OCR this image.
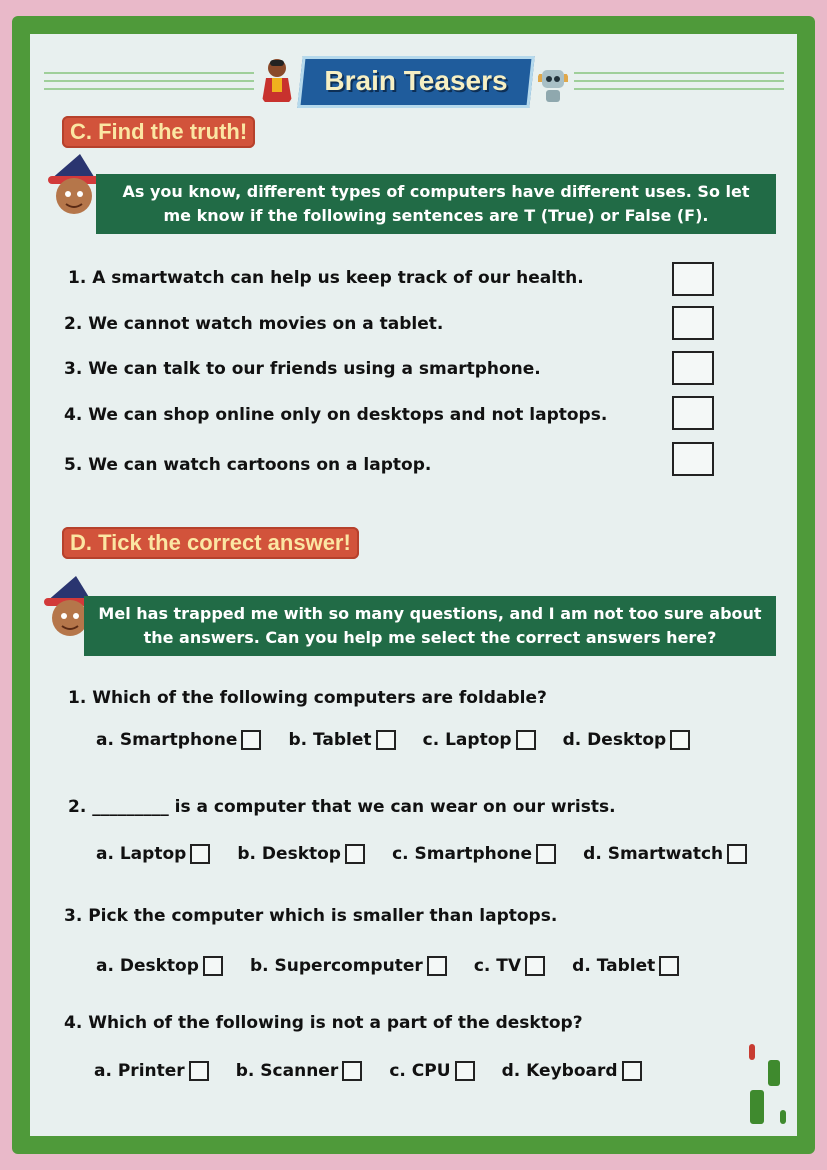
Brain Teasers
C. Find the truth!
As you know, different types of computers have different uses. So let me know if the following sentences are T (True) or False (F).
1. A smartwatch can help us keep track of our health.
2. We cannot watch movies on a tablet.
3. We can talk to our friends using a smartphone.
4. We can shop online only on desktops and not laptops.
5. We can watch cartoons on a laptop.
D. Tick the correct answer!
Mel has trapped me with so many questions, and I am not too sure about the answers. Can you help me select the correct answers here?
1. Which of the following computers are foldable?
a. Smartphone
	b. Tablet
	c. Laptop
	d. Desktop
2. _________ is a computer that we can wear on our wrists.
a. Laptop
	b. Desktop
	c. Smartphone
	d. Smartwatch
3. Pick the computer which is smaller than laptops.
a. Desktop
	b. Supercomputer
	c. TV
	d. Tablet
4. Which of the following is not a part of the desktop?
a. Printer
	b. Scanner
	c. CPU
	d. Keyboard
